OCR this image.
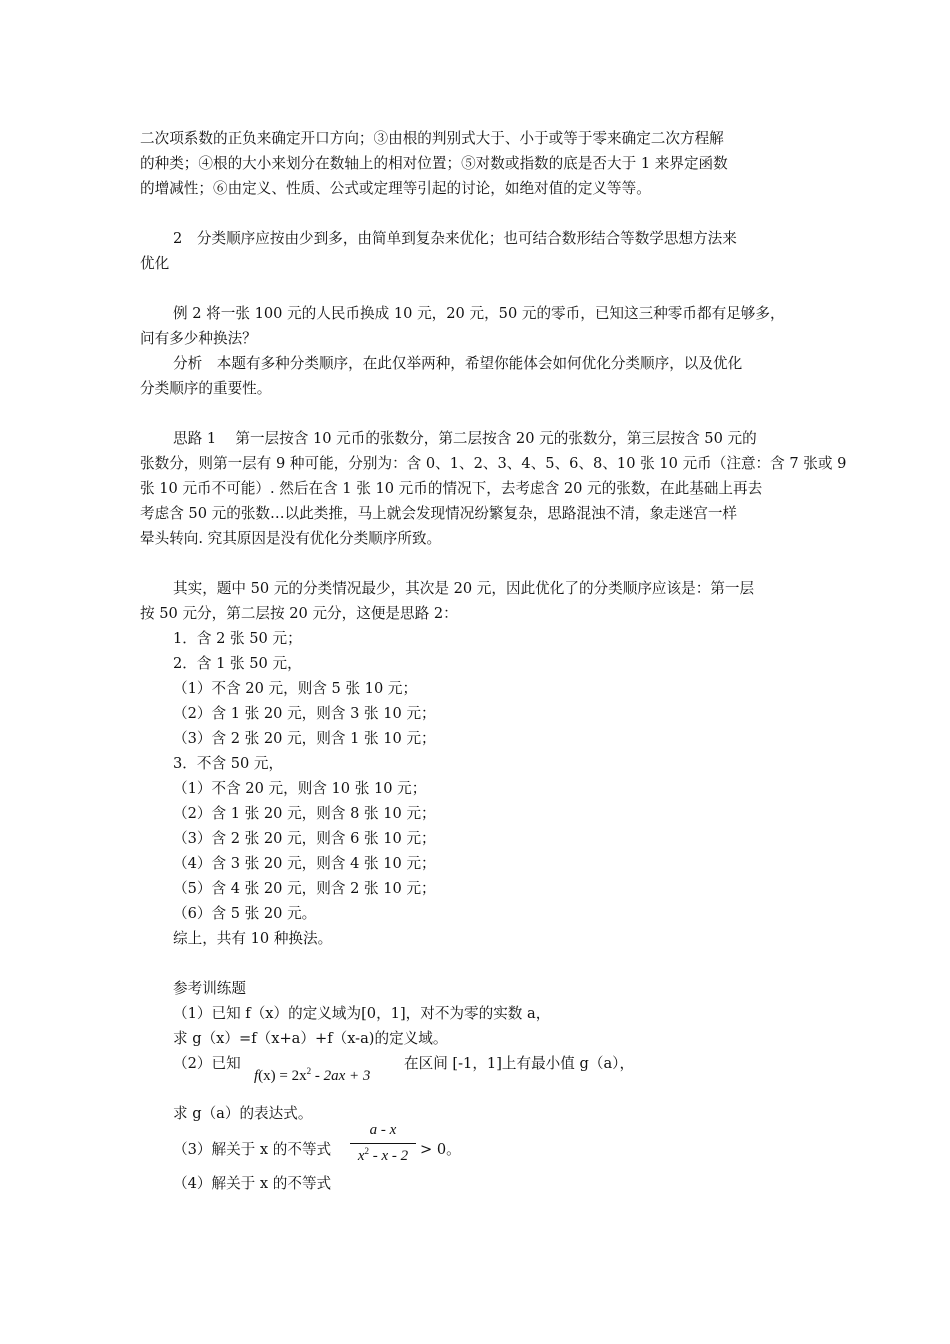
二次项系数的正负来确定开口方向；③由根的判别式大于、小于或等于零来确定二次方程解
的种类；④根的大小来划分在数轴上的相对位置；⑤对数或指数的底是否大于 1 来界定函数
的增减性；⑥由定义、性质、公式或定理等引起的讨论，如绝对值的定义等等。
2　分类顺序应按由少到多，由简单到复杂来优化；也可结合数形结合等数学思想方法来
优化
例 2 将一张 100 元的人民币换成 10 元，20 元，50 元的零币，已知这三种零币都有足够多，
问有多少种换法？
分析　本题有多种分类顺序，在此仅举两种，希望你能体会如何优化分类顺序，以及优化
分类顺序的重要性。
思路 1　 第一层按含 10 元币的张数分，第二层按含 20 元的张数分，第三层按含 50 元的
张数分，则第一层有 9 种可能，分别为：含 0、1、2、3、4、5、6、8、10 张 10 元币（注意：含 7 张或 9
张 10 元币不可能）. 然后在含 1 张 10 元币的情况下，去考虑含 20 元的张数，在此基础上再去
考虑含 50 元的张数…以此类推，马上就会发现情况纷繁复杂，思路混浊不清，象走迷宫一样
晕头转向. 究其原因是没有优化分类顺序所致。
其实，题中 50 元的分类情况最少，其次是 20 元，因此优化了的分类顺序应该是：第一层
按 50 元分，第二层按 20 元分，这便是思路 2：
1．含 2 张 50 元；
2．含 1 张 50 元，
（1）不含 20 元，则含 5 张 10 元；
（2）含 1 张 20 元，则含 3 张 10 元；
（3）含 2 张 20 元，则含 1 张 10 元；
3．不含 50 元，
（1）不含 20 元，则含 10 张 10 元；
（2）含 1 张 20 元，则含 8 张 10 元；
（3）含 2 张 20 元，则含 6 张 10 元；
（4）含 3 张 20 元，则含 4 张 10 元；
（5）含 4 张 20 元，则含 2 张 10 元；
（6）含 5 张 20 元。
综上，共有 10 种换法。
参考训练题
（1）已知 f（x）的定义域为[0，1]，对不为零的实数 a，
求 g（x）=f（x+a）+f（x-a)的定义域。
（2）已知
$f(x) = 2x^2 - 2ax + 3$
在区间 [-1，1]上有最小值 g（a），
求 g（a）的表达式。
（3）解关于 x 的不等式
a - x
$x^2 - x - 2 > 0$。
（4）解关于 x 的不等式
